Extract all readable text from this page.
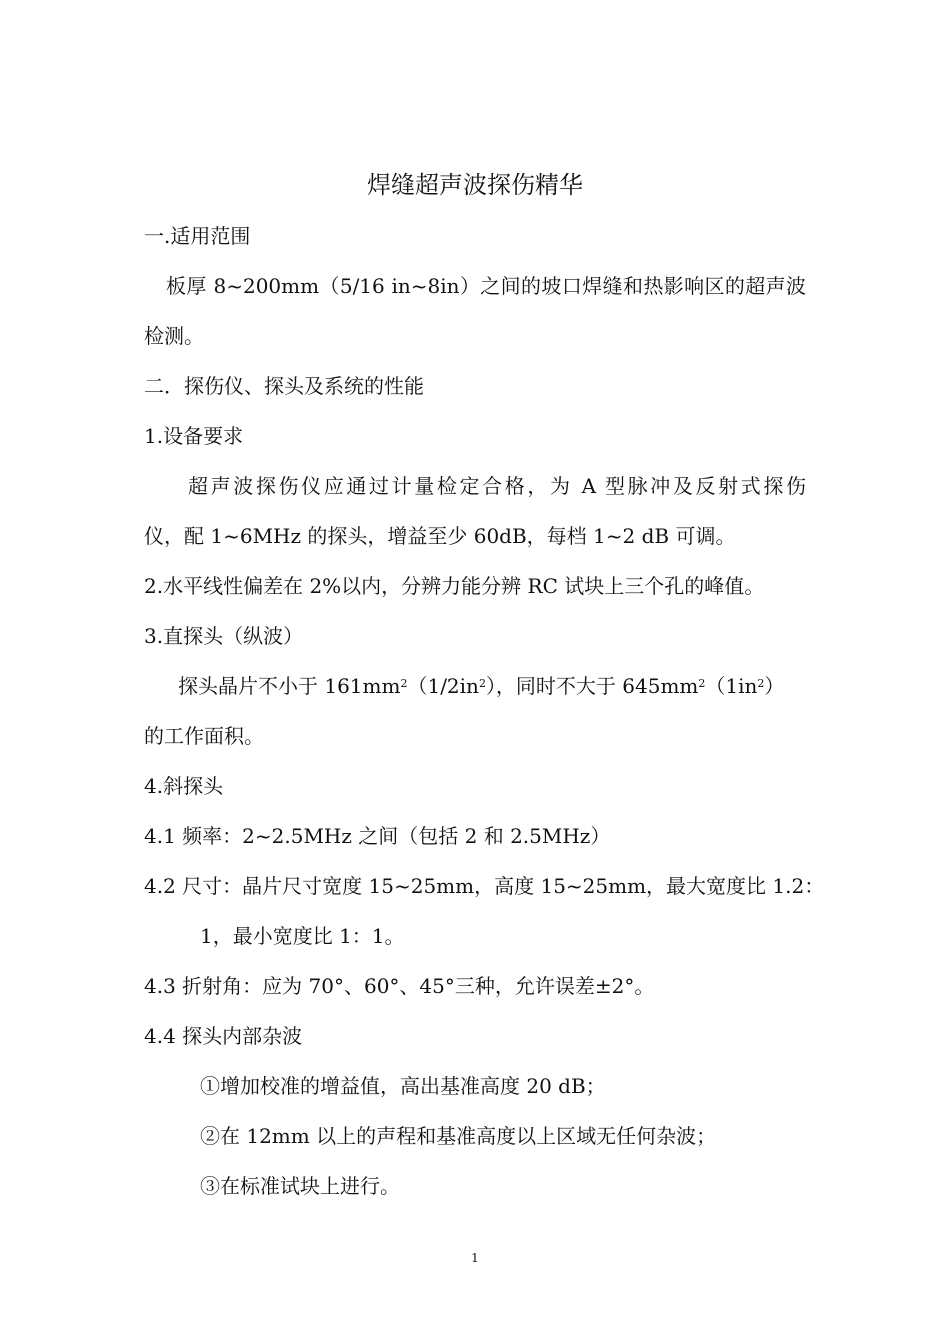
焊缝超声波探伤精华
一.适用范围
板厚 8~200mm（5/16 in~8in）之间的坡口焊缝和热影响区的超声波
检测。
二．探伤仪、探头及系统的性能
1.设备要求
超声波探伤仪应通过计量检定合格，为 A 型脉冲及反射式探伤
仪，配 1~6MHz 的探头，增益至少 60dB，每档 1~2 dB 可调。
2.水平线性偏差在 2%以内，分辨力能分辨 RC 试块上三个孔的峰值。
3.直探头（纵波）
探头晶片不小于 $161mm^2(1/2in^2)$，同时不大于 $645mm^2(1in^2)$
的工作面积。
4.斜探头
4.1 频率：2~2.5MHz 之间（包括 2 和 2.5MHz）
4.2 尺寸：晶片尺寸宽度 15~25mm，高度 15~25mm，最大宽度比 1.2：
1，最小宽度比 1：1。
4.3 折射角：应为 70°、60°、45°三种，允许误差±2°。
4.4 探头内部杂波
①增加校准的增益值，高出基准高度 20 dB；
②在 12mm 以上的声程和基准高度以上区域无任何杂波；
③在标准试块上进行。
1
